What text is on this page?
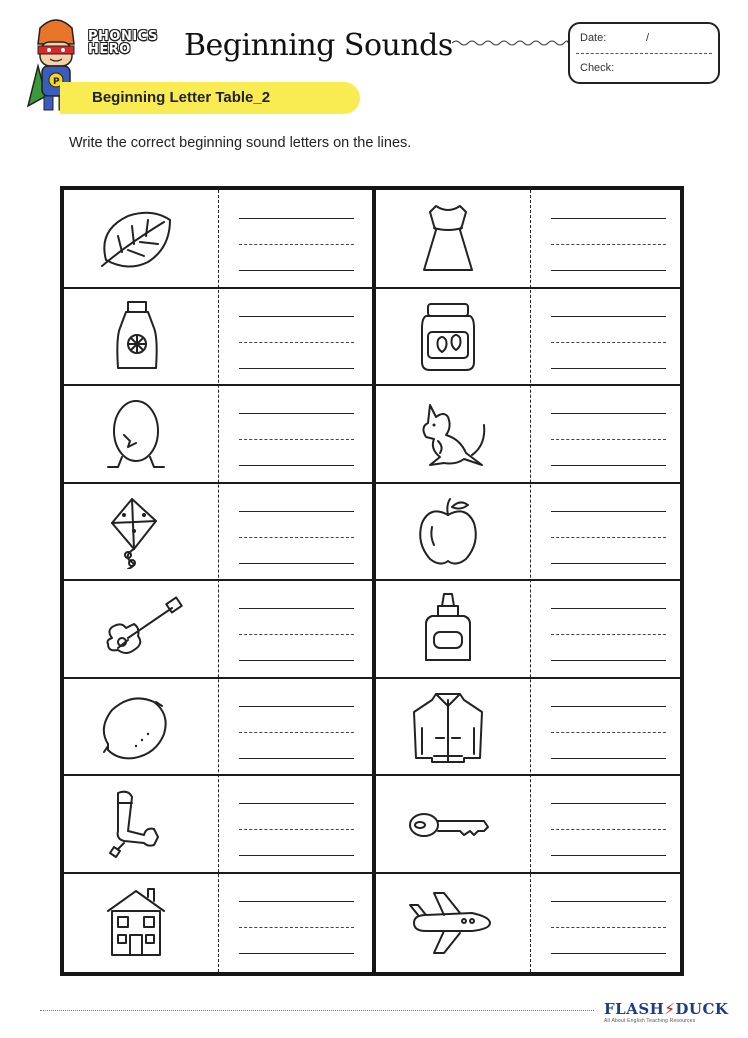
P
PHONICS
HERO	Beginning Sounds	Date:	/
Check:
Beginning Letter Table_2
Write the correct beginning sound letters on the lines.
FLASH⚡DUCK
All About English Teaching Resources
